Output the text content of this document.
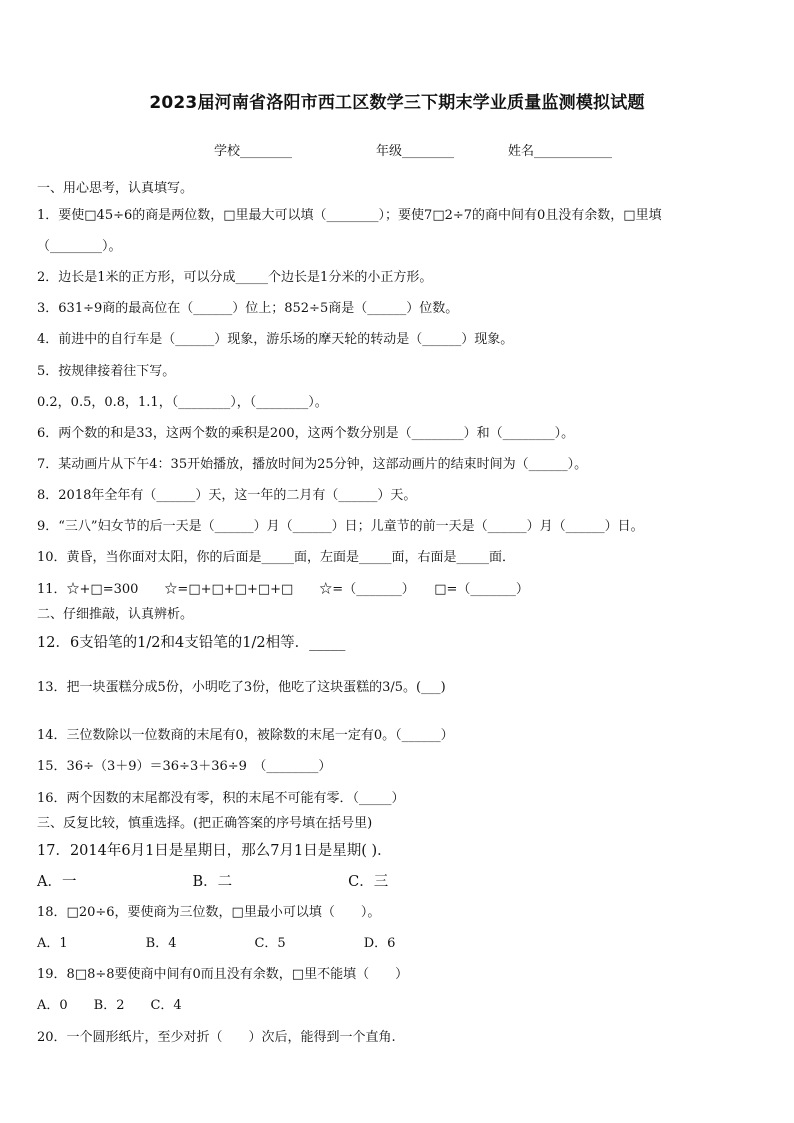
2023届河南省洛阳市西工区数学三下期末学业质量监测模拟试题
学校________	年级________	姓名____________
一、用心思考，认真填写。
1．要使□45÷6的商是两位数，□里最大可以填（________）；要使7□2÷7的商中间有0且没有余数，□里填
（________）。
2．边长是1米的正方形，可以分成_____个边长是1分米的小正方形。
3．631÷9商的最高位在（______）位上；852÷5商是（______）位数。
4．前进中的自行车是（______）现象，游乐场的摩天轮的转动是（______）现象。
5．按规律接着往下写。
0.2，0.5，0.8，1.1，（________），（________）。
6．两个数的和是33，这两个数的乘积是200，这两个数分别是（________）和（________）。
7．某动画片从下午4：35开始播放，播放时间为25分钟，这部动画片的结束时间为（______）。
8．2018年全年有（______）天，这一年的二月有（______）天。
9．“三八”妇女节的后一天是（______）月（______）日；儿童节的前一天是（______）月（______）日。
10．黄昏，当你面对太阳，你的后面是_____面，左面是_____面，右面是_____面．
11．☆+□=300　　☆=□+□+□+□+□　　☆=（_______）　　□=（_______）
二、仔细推敲，认真辨析。
12．6支铅笔的1/2和4支铅笔的1/2相等．_____
13．把一块蛋糕分成5份，小明吃了3份，他吃了这块蛋糕的3/5。(___)
14．三位数除以一位数商的末尾有0，被除数的末尾一定有0。（______）
15．36÷（3＋9）＝36÷3＋36÷9　（________）
16．两个因数的末尾都没有零，积的末尾不可能有零．（_____）
三、反复比较，慎重选择。(把正确答案的序号填在括号里)
17．2014年6月1日是星期日，那么7月1日是星期( )．
A．一　　　　　　　　B．二　　　　　　　　C．三
18．□20÷6，要使商为三位数，□里最小可以填（　　）。
A．1　　　　　　B．4　　　　　　C．5　　　　　　D．6
19．8□8÷8要使商中间有0而且没有余数，□里不能填（　　）
A．0　　B．2　　C．4
20．一个圆形纸片，至少对折（　　）次后，能得到一个直角.
